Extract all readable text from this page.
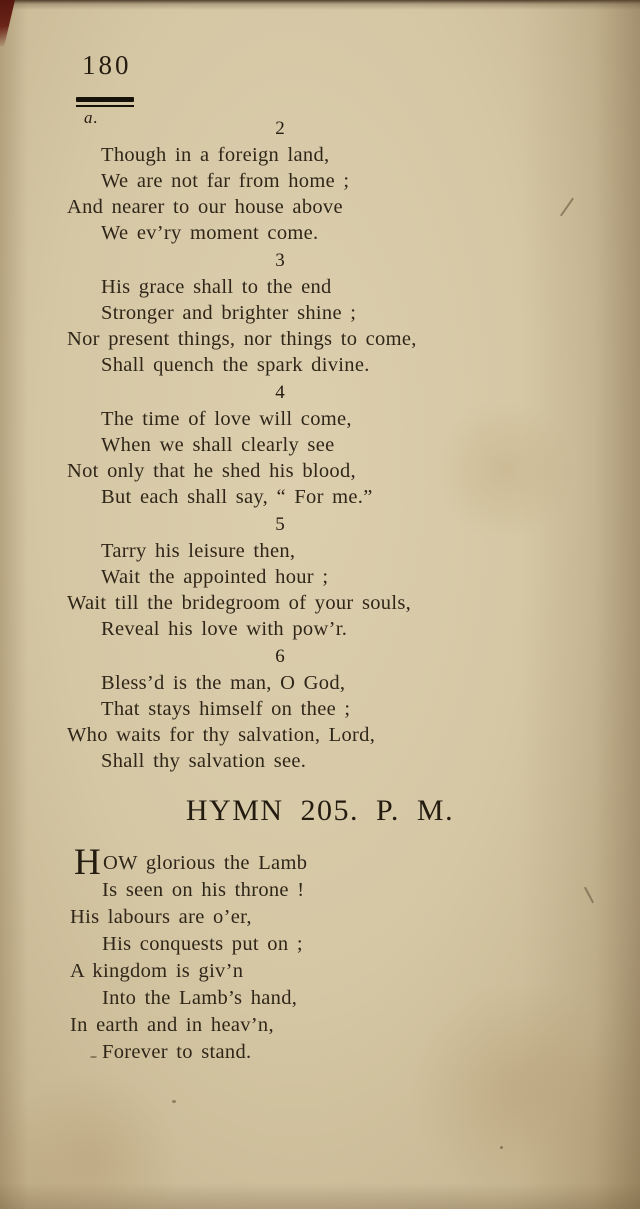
180
a.
2
Though in a foreign land,
We are not far from home ;
And nearer to our house above
We ev’ry moment come.
3
His grace shall to the end
Stronger and brighter shine ;
Nor present things, nor things to come,
Shall quench the spark divine.
4
The time of love will come,
When we shall clearly see
Not only that he shed his blood,
But each shall say, “ For me.”
5
Tarry his leisure then,
Wait the appointed hour ;
Wait till the bridegroom of your souls,
Reveal his love with pow’r.
6
Bless’d is the man, O God,
That stays himself on thee ;
Who waits for thy salvation, Lord,
Shall thy salvation see.
HYMN 205. P. M.
HOW glorious the Lamb
Is seen on his throne !
His labours are o’er,
His conquests put on ;
A kingdom is giv’n
Into the Lamb’s hand,
In earth and in heav’n,
Forever to stand.
